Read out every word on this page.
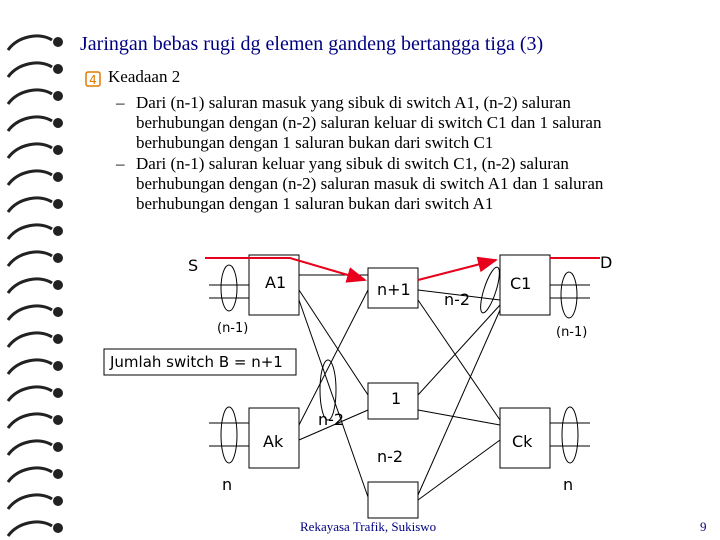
Jaringan bebas rugi dg elemen gandeng bertangga tiga (3)
4 Keadaan 2
– Dari (n-1) saluran masuk yang sibuk di switch A1, (n-2) saluran
berhubungan dengan (n-2) saluran keluar di switch C1 dan 1 saluran
berhubungan dengan 1 saluran bukan dari switch C1
– Dari (n-1) saluran keluar yang sibuk di switch C1, (n-2) saluran
berhubungan dengan (n-2) saluran masuk di switch A1 dan 1 saluran
berhubungan dengan 1 saluran bukan dari switch A1
S	D
A1	C1
n+1
n-2
(n-1)	(n-1)
Jumlah switch B = n+1
1
n-2
Ak	Ck
n-2
n	n
Rekayasa Trafik, Sukiswo	9
